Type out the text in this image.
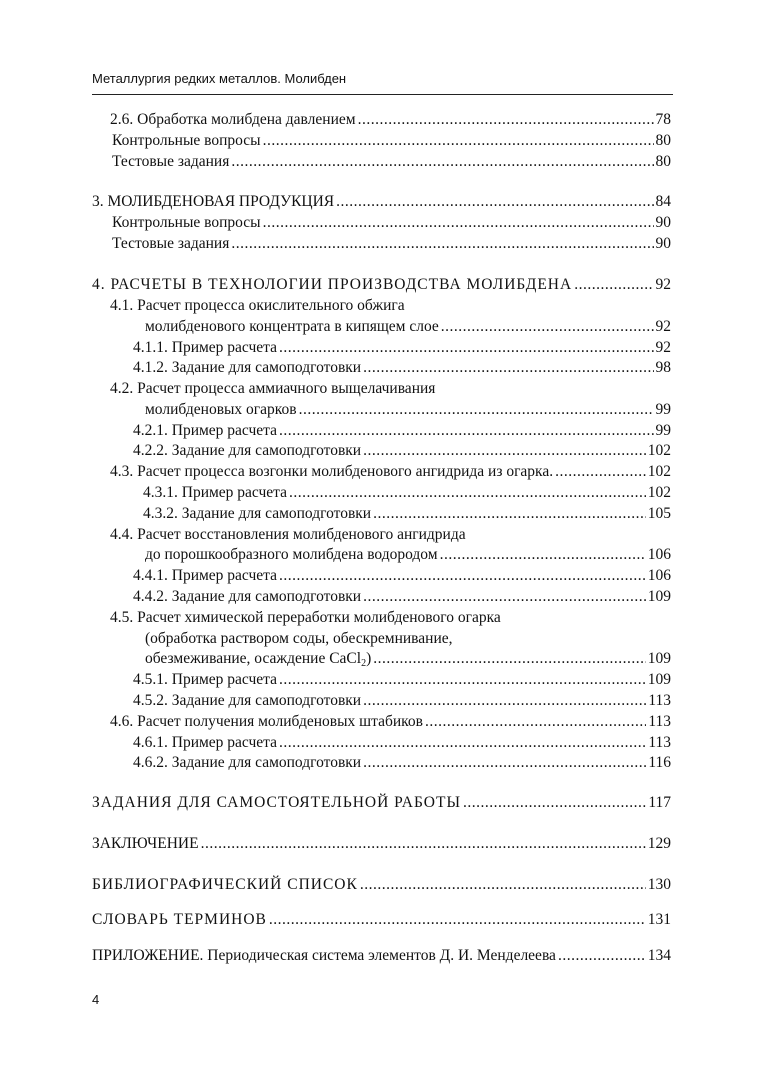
Металлургия редких металлов. Молибден
2.6. Обработка молибдена давлением .....	78
Контрольные вопросы .....	80
Тестовые задания .....	80
3. МОЛИБДЕНОВАЯ ПРОДУКЦИЯ .....	84
Контрольные вопросы .....	90
Тестовые задания .....	90
4. РАСЧЕТЫ В ТЕХНОЛОГИИ ПРОИЗВОДСТВА МОЛИБДЕНА .....	92
4.1. Расчет процесса окислительного обжига
молибденового концентрата в кипящем слое .....	92
4.1.1. Пример расчета .....	92
4.1.2. Задание для самоподготовки .....	98
4.2. Расчет процесса аммиачного выщелачивания
молибденовых огарков .....	99
4.2.1. Пример расчета .....	99
4.2.2. Задание для самоподготовки .....	102
4.3. Расчет процесса возгонки молибденового ангидрида из огарка. .....	102
4.3.1. Пример расчета .....	102
4.3.2. Задание для самоподготовки .....	105
4.4. Расчет восстановления молибденового ангидрида
до порошкообразного молибдена водородом .....	106
4.4.1. Пример расчета .....	106
4.4.2. Задание для самоподготовки .....	109
4.5. Расчет химической переработки молибденового огарка
(обработка раствором соды, обескремнивание,
обезмеживание, осаждение CaCl$_2$) .....	109
4.5.1. Пример расчета .....	109
4.5.2. Задание для самоподготовки .....	113
4.6. Расчет получения молибденовых штабиков .....	113
4.6.1. Пример расчета .....	113
4.6.2. Задание для самоподготовки .....	116
ЗАДАНИЯ ДЛЯ САМОСТОЯТЕЛЬНОЙ РАБОТЫ .....	117
ЗАКЛЮЧЕНИЕ .....	129
БИБЛИОГРАФИЧЕСКИЙ СПИСОК .....	130
СЛОВАРЬ ТЕРМИНОВ .....	131
ПРИЛОЖЕНИЕ. Периодическая система элементов Д. И. Менделеева .....	134
4
